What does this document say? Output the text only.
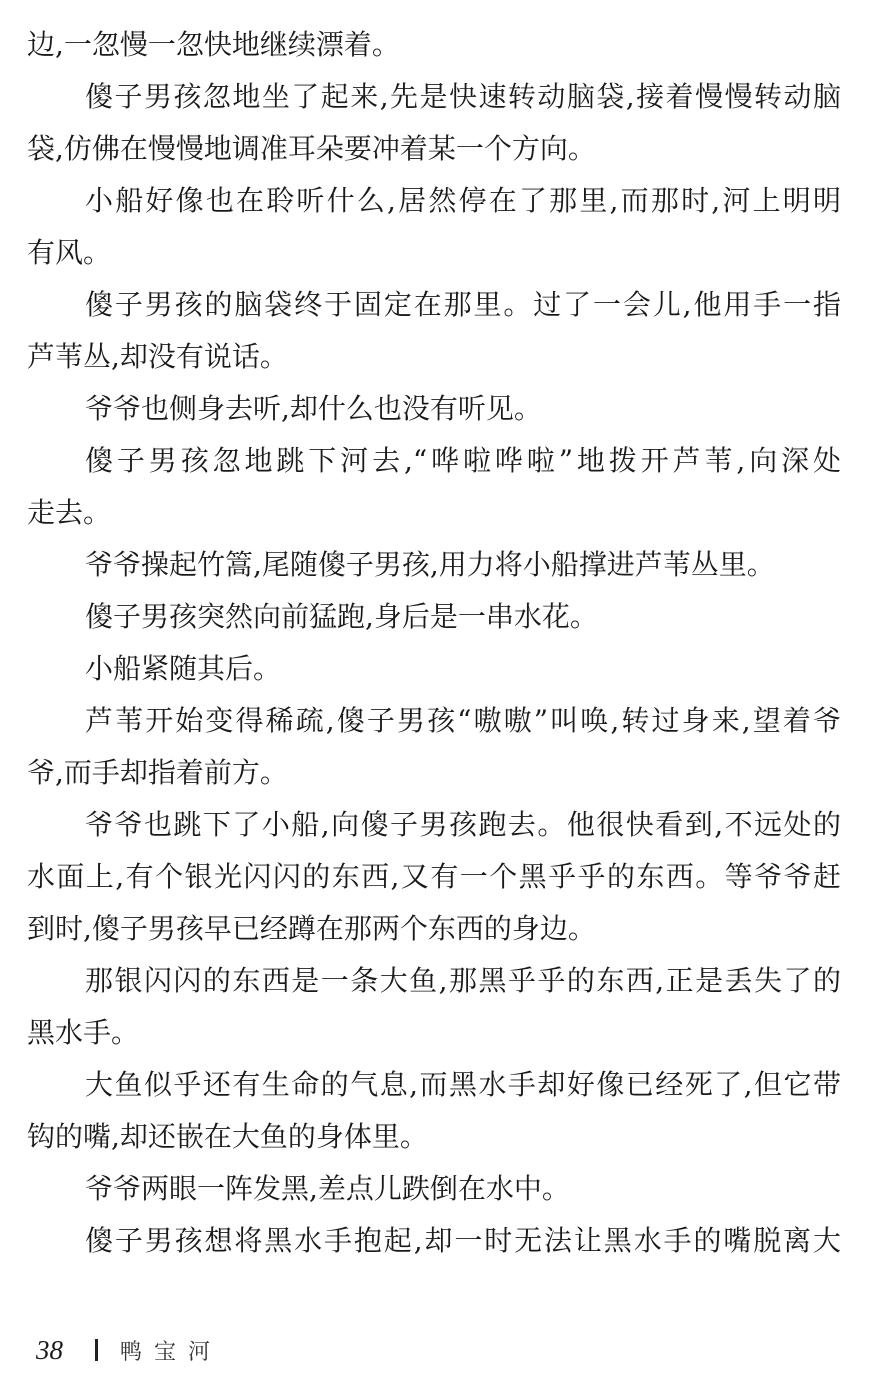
边,一忽慢一忽快地继续漂着。
傻子男孩忽地坐了起来,先是快速转动脑袋,接着慢慢转动脑
袋,仿佛在慢慢地调准耳朵要冲着某一个方向。
小船好像也在聆听什么,居然停在了那里,而那时,河上明明
有风。
傻子男孩的脑袋终于固定在那里。过了一会儿,他用手一指
芦苇丛,却没有说话。
爷爷也侧身去听,却什么也没有听见。
傻子男孩忽地跳下河去,“哗啦哗啦”地拨开芦苇,向深处
走去。
爷爷操起竹篙,尾随傻子男孩,用力将小船撑进芦苇丛里。
傻子男孩突然向前猛跑,身后是一串水花。
小船紧随其后。
芦苇开始变得稀疏,傻子男孩“嗷嗷”叫唤,转过身来,望着爷
爷,而手却指着前方。
爷爷也跳下了小船,向傻子男孩跑去。他很快看到,不远处的
水面上,有个银光闪闪的东西,又有一个黑乎乎的东西。等爷爷赶
到时,傻子男孩早已经蹲在那两个东西的身边。
那银闪闪的东西是一条大鱼,那黑乎乎的东西,正是丢失了的
黑水手。
大鱼似乎还有生命的气息,而黑水手却好像已经死了,但它带
钩的嘴,却还嵌在大鱼的身体里。
爷爷两眼一阵发黑,差点儿跌倒在水中。
傻子男孩想将黑水手抱起,却一时无法让黑水手的嘴脱离大
38	鸭宝河
